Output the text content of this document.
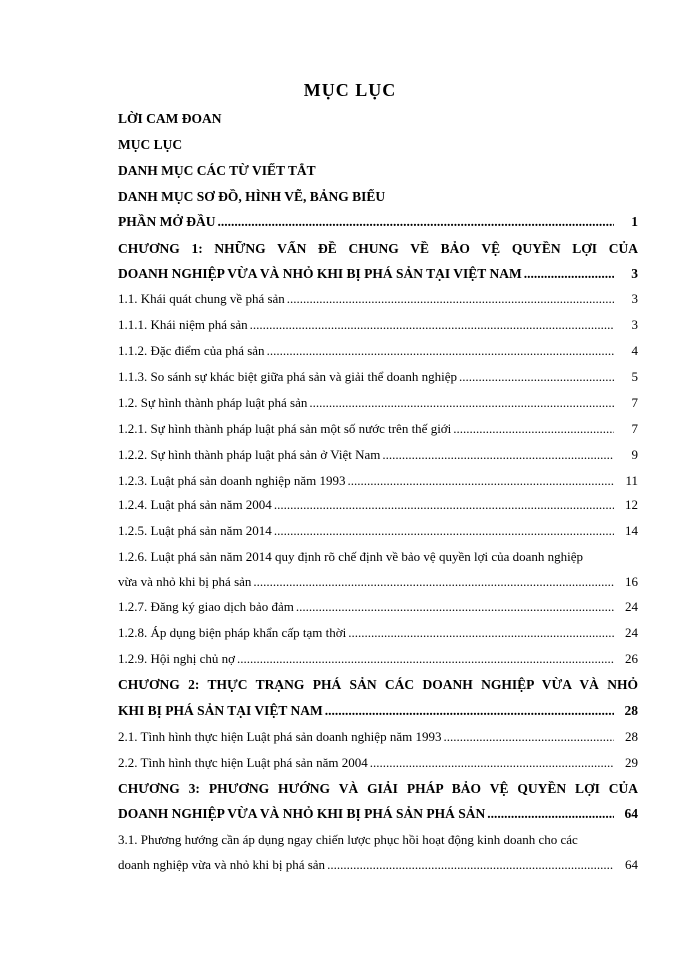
MỤC LỤC
LỜI CAM ĐOAN
MỤC LỤC
DANH MỤC CÁC TỪ VIẾT TẮT
DANH MỤC SƠ ĐỒ, HÌNH VẼ, BẢNG BIỂU
PHẦN MỞ ĐẦU .....	1
CHƯƠNG 1: NHỮNG VẤN ĐỀ CHUNG VỀ BẢO VỆ QUYỀN LỢI CỦA
DOANH NGHIỆP VỪA VÀ NHỎ KHI BỊ PHÁ SẢN TẠI VIỆT NAM .....	3
1.1. Khái quát chung về phá sản .....	3
1.1.1. Khái niệm phá sản .....	3
1.1.2. Đặc điểm của phá sản .....	4
1.1.3. So sánh sự khác biệt giữa phá sản và giải thể doanh nghiệp .....	5
1.2. Sự hình thành pháp luật phá sản .....	7
1.2.1. Sự hình thành pháp luật phá sản một số nước trên thế giới .....	7
1.2.2. Sự hình thành pháp luật phá sản ở Việt Nam .....	9
1.2.3. Luật phá sản doanh nghiệp năm 1993 .....	11
1.2.4. Luật phá sản năm 2004 .....	12
1.2.5. Luật phá sản năm 2014 .....	14
1.2.6. Luật phá sản năm 2014 quy định rõ chế định về bảo vệ quyền lợi của doanh nghiệp
vừa và nhỏ khi bị phá sản .....	16
1.2.7. Đăng ký giao dịch bảo đảm .....	24
1.2.8. Áp dụng biện pháp khẩn cấp tạm thời .....	24
1.2.9. Hội nghị chủ nợ .....	26
CHƯƠNG 2: THỰC TRẠNG PHÁ SẢN CÁC DOANH NGHIỆP VỪA VÀ NHỎ
KHI BỊ PHÁ SẢN TẠI VIỆT NAM .....	28
2.1. Tình hình thực hiện Luật phá sản doanh nghiệp năm 1993 .....	28
2.2. Tình hình thực hiện Luật phá sản năm 2004 .....	29
CHƯƠNG 3: PHƯƠNG HƯỚNG VÀ GIẢI PHÁP BẢO VỆ QUYỀN LỢI CỦA
DOANH NGHIỆP VỪA VÀ NHỎ KHI BỊ PHÁ SẢN PHÁ SẢN .....	64
3.1. Phương hướng cần áp dụng ngay chiến lược phục hồi hoạt động kinh doanh cho các
doanh nghiệp vừa và nhỏ khi bị phá sản .....	64
